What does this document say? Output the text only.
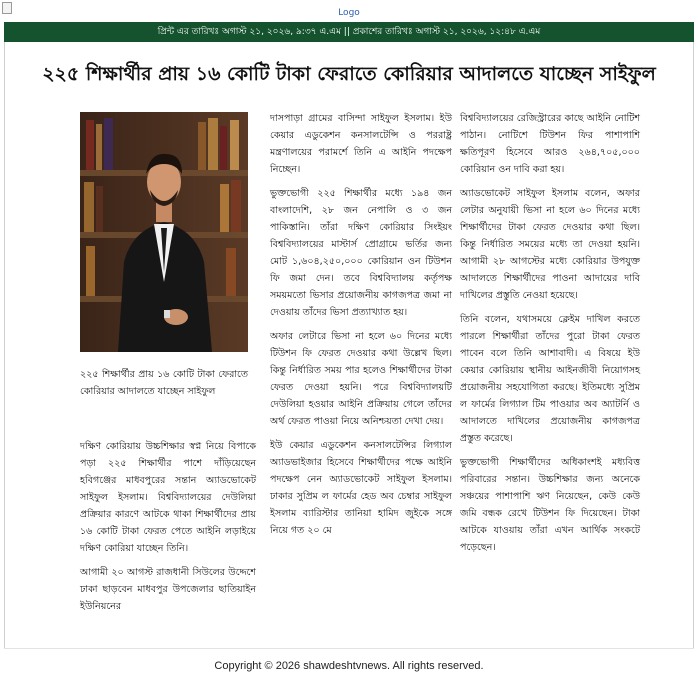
Logo
প্রিন্ট এর তারিখঃ অগাস্ট ২১, ২০২৬, ৯:৩৭ এ.এম || প্রকাশের তারিখঃ অগাস্ট ২১, ২০২৬, ১২:৪৮ এ.এম
২২৫ শিক্ষার্থীর প্রায় ১৬ কোটি টাকা ফেরাতে কোরিয়ার আদালতে যাচ্ছেন সাইফুল
২২৫ শিক্ষার্থীর প্রায় ১৬ কোটি টাকা ফেরাতে কোরিয়ার আদালতে যাচ্ছেন সাইফুল

দক্ষিণ কোরিয়ায় উচ্চশিক্ষার স্বপ্ন নিয়ে বিপাকে পড়া ২২৫ শিক্ষার্থীর পাশে দাঁড়িয়েছেন হবিগঞ্জের মাধবপুরের সন্তান অ্যাডভোকেট সাইফুল ইসলাম। বিশ্ববিদ্যালয়ের দেউলিয়া প্রক্রিয়ার কারণে আটকে থাকা শিক্ষার্থীদের প্রায় ১৬ কোটি টাকা ফেরত পেতে আইনি লড়াইয়ে দক্ষিণ কোরিয়া যাচ্ছেন তিনি।

আগামী ২০ আগস্ট রাজধানী সিউলের উদ্দেশে ঢাকা ছাড়বেন মাধবপুর উপজেলার ছাতিয়াইন ইউনিয়নের

দাসপাড়া গ্রামের বাসিন্দা সাইফুল ইসলাম। ইউ কেয়ার এডুকেশন কনসালটেন্সি ও পররাষ্ট্র মন্ত্রণালয়ের পরামর্শে তিনি এ আইনি পদক্ষেপ নিচ্ছেন।

ভুক্তভোগী ২২৫ শিক্ষার্থীর মধ্যে ১৯৪ জন বাংলাদেশি, ২৮ জন নেপালি ও ৩ জন পাকিস্তানি। তাঁরা দক্ষিণ কোরিয়ার সিংইয়ং বিশ্ববিদ্যালয়ের মাস্টার্স প্রোগ্রামে ভর্তির জন্য মোট ১,৬০৪,২৫০,০০০ কোরিয়ান ওন টিউশন ফি জমা দেন। তবে বিশ্ববিদ্যালয় কর্তৃপক্ষ সময়মতো ভিসার প্রয়োজনীয় কাগজপত্র জমা না দেওয়ায় তাঁদের ভিসা প্রত্যাখ্যাত হয়।

অফার লেটারে ভিসা না হলে ৬০ দিনের মধ্যে টিউশন ফি ফেরত দেওয়ার কথা উল্লেখ ছিল। কিন্তু নির্ধারিত সময় পার হলেও শিক্ষার্থীদের টাকা ফেরত দেওয়া হয়নি। পরে বিশ্ববিদ্যালয়টি দেউলিয়া হওয়ার আইনি প্রক্রিয়ায় গেলে তাঁদের অর্থ ফেরত পাওয়া নিয়ে অনিশ্চয়তা দেখা দেয়।

ইউ কেয়ার এডুকেশন কনসালটেন্সির লিগ্যাল অ্যাডভাইজার হিসেবে শিক্ষার্থীদের পক্ষে আইনি পদক্ষেপ নেন অ্যাডভোকেট সাইফুল ইসলাম। ঢাকার সুপ্রিম ল ফার্মের হেড অব চেম্বার সাইফুল ইসলাম ব্যারিস্টার তানিয়া হামিদ জুইকে সঙ্গে নিয়ে গত ২০ মে

বিশ্ববিদ্যালয়ের রেজিস্ট্রারের কাছে আইনি নোটিশ পাঠান। নোটিশে টিউশন ফির পাশাপাশি ক্ষতিপূরণ হিসেবে আরও ২৬৪,৭০৫,০০০ কোরিয়ান ওন দাবি করা হয়।

অ্যাডভোকেট সাইফুল ইসলাম বলেন, অফার লেটার অনুযায়ী ভিসা না হলে ৬০ দিনের মধ্যে শিক্ষার্থীদের টাকা ফেরত দেওয়ার কথা ছিল। কিন্তু নির্ধারিত সময়ের মধ্যে তা দেওয়া হয়নি। আগামী ২৮ আগস্টের মধ্যে কোরিয়ার উপযুক্ত আদালতে শিক্ষার্থীদের পাওনা আদায়ের দাবি দাখিলের প্রস্তুতি নেওয়া হয়েছে।

তিনি বলেন, যথাসময়ে ক্লেইম দাখিল করতে পারলে শিক্ষার্থীরা তাঁদের পুরো টাকা ফেরত পাবেন বলে তিনি আশাবাদী। এ বিষয়ে ইউ কেয়ার কোরিয়ায় স্থানীয় আইনজীবী নিয়োগসহ প্রয়োজনীয় সহযোগিতা করছে। ইতিমধ্যে সুপ্রিম ল ফার্মের লিগ্যাল টিম পাওয়ার অব অ্যাটর্নি ও আদালতে দাখিলের প্রয়োজনীয় কাগজপত্র প্রস্তুত করেছে।

ভুক্তভোগী শিক্ষার্থীদের অধিকাংশই মধ্যবিত্ত পরিবারের সন্তান। উচ্চশিক্ষার জন্য অনেকে সঞ্চয়ের পাশাপাশি ঋণ নিয়েছেন, কেউ কেউ জমি বন্ধক রেখে টিউশন ফি দিয়েছেন। টাকা আটকে যাওয়ায় তাঁরা এখন আর্থিক সংকটে পড়েছেন।

Copyright © 2026 shawdeshtvnews. All rights reserved.
